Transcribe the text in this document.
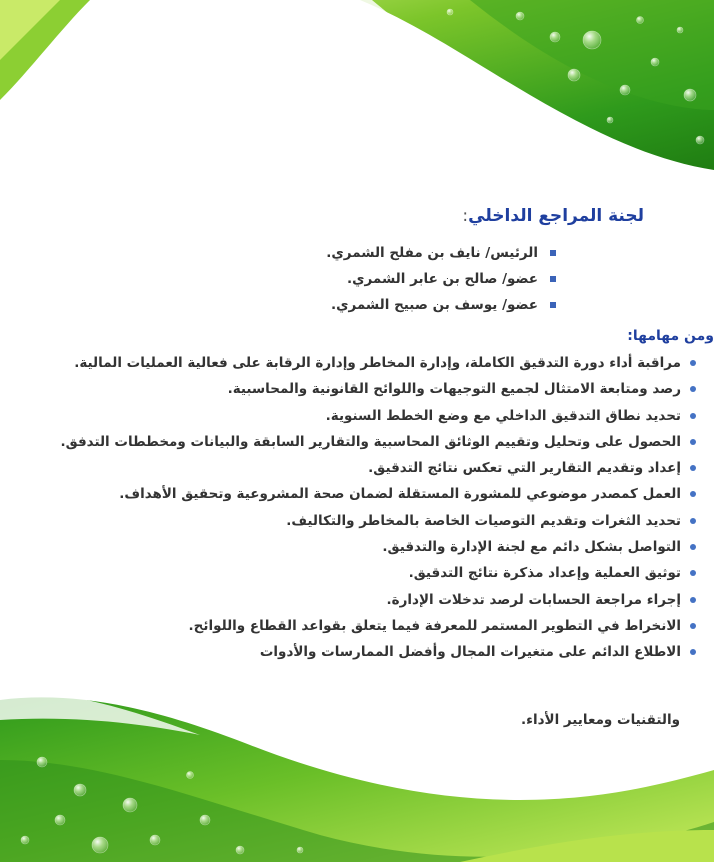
لجنة المراجع الداخلي:
الرئيس/ نايف بن مفلح الشمري.
عضو/ صالح بن عابر الشمري.
عضو/ يوسف بن صبيح الشمري.
ومن مهامها:
مراقبة أداء دورة التدقيق الكاملة، وإدارة المخاطر وإدارة الرقابة على فعالية العمليات المالية.
رصد ومتابعة الامتثال لجميع التوجيهات واللوائح القانونية والمحاسبية.
تحديد نطاق التدقيق الداخلي مع وضع الخطط السنوية.
الحصول على وتحليل وتقييم الوثائق المحاسبية والتقارير السابقة والبيانات ومخططات التدفق.
إعداد وتقديم التقارير التي تعكس نتائج التدقيق.
العمل كمصدر موضوعي للمشورة المستقلة لضمان صحة المشروعية وتحقيق الأهداف.
تحديد الثغرات وتقديم التوصيات الخاصة بالمخاطر والتكاليف.
التواصل بشكل دائم مع لجنة الإدارة والتدقيق.
توثيق العملية وإعداد مذكرة نتائج التدقيق.
إجراء مراجعة الحسابات لرصد تدخلات الإدارة.
الانخراط في التطوير المستمر للمعرفة فيما يتعلق بقواعد القطاع واللوائح.
الاطلاع الدائم على متغيرات المجال وأفضل الممارسات والأدوات
والتقنيات ومعايير الأداء.
